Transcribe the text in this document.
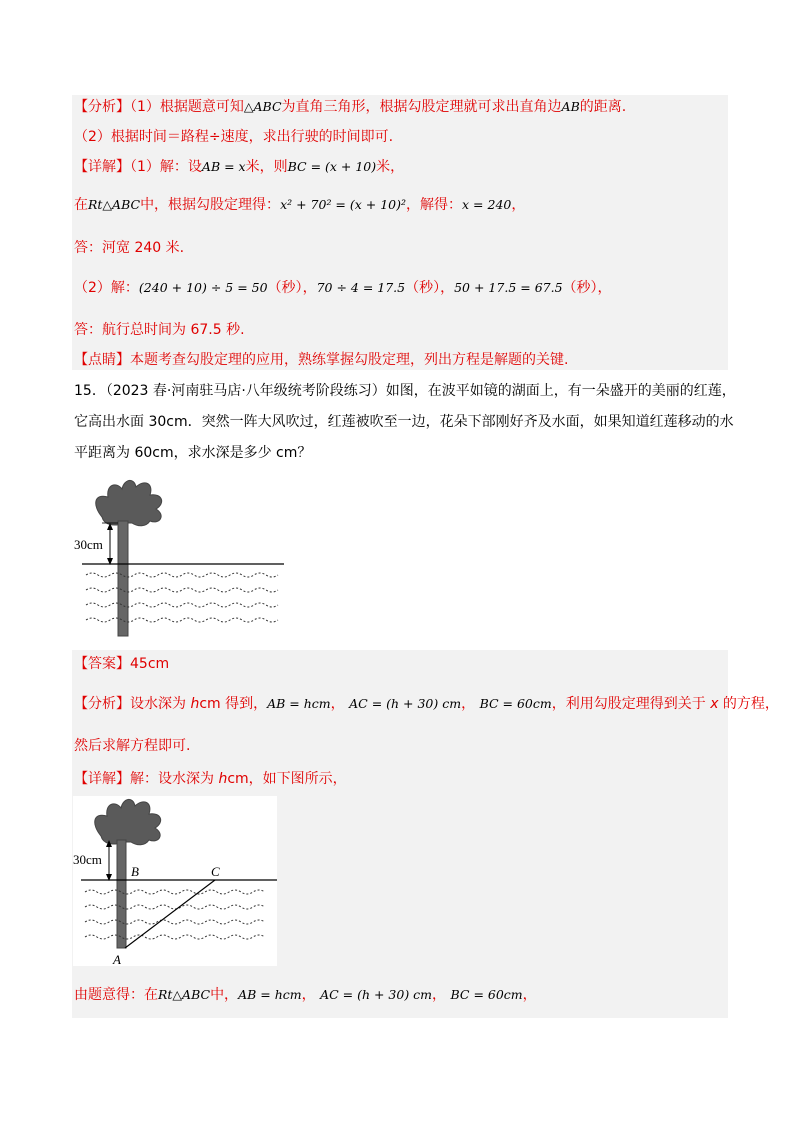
【分析】（1）根据题意可知△ABC为直角三角形，根据勾股定理就可求出直角边AB的距离.
（2）根据时间＝路程÷速度，求出行驶的时间即可.
【详解】（1）解：设AB = x米，则BC = (x + 10)米，
在Rt△ABC中，根据勾股定理得：x² + 70² = (x + 10)²，解得：x = 240，
答：河宽 240 米.
（2）解：(240 + 10) ÷ 5 = 50（秒），70 ÷ 4 = 17.5（秒），50 + 17.5 = 67.5（秒），
答：航行总时间为 67.5 秒.
【点睛】本题考查勾股定理的应用，熟练掌握勾股定理，列出方程是解题的关键.
15．（2023 春·河南驻马店·八年级统考阶段练习）如图，在波平如镜的湖面上，有一朵盛开的美丽的红莲，
它高出水面 30cm．突然一阵大风吹过，红莲被吹至一边，花朵下部刚好齐及水面，如果知道红莲移动的水
平距离为 60cm，求水深是多少 cm？
30cm
【答案】45cm
【分析】设水深为 hcm 得到，AB = hcm， AC = (h + 30) cm， BC = 60cm，利用勾股定理得到关于 x 的方程，
然后求解方程即可.
【详解】解：设水深为 hcm，如下图所示，
30cm
B	C
A
由题意得：在Rt△ABC中，AB = hcm， AC = (h + 30) cm， BC = 60cm，
